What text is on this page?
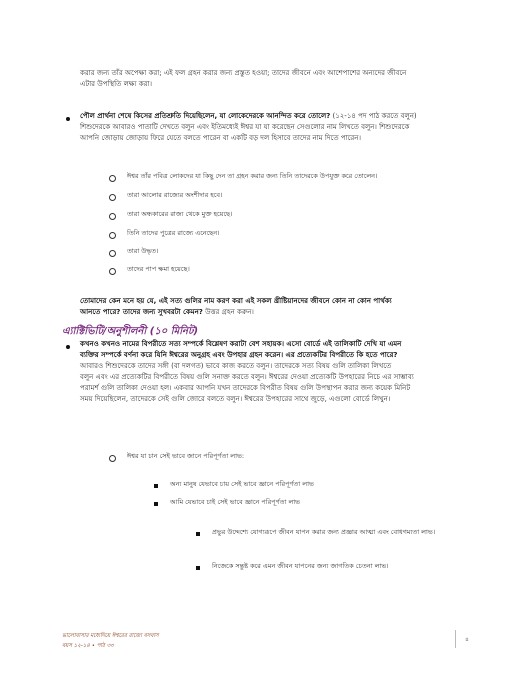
করার জন্য তাঁর অপেক্ষা করা; এই ফল গ্রহন করার জন্য প্রস্তুত হওয়া; তাদের জীবনে এবং আশেপাশের অন্যদের জীবনে
এটার উপস্থিতি লক্ষ্য করা।
পৌল প্রার্থনা শেষে কিসের প্রতিশ্রুতি দিয়েছিলেন, যা লোকেদেরকে আনন্দিত করে তোলে? (১২-১৪ পদ পাঠ করতে বলুন)
শিশুদেরকে আবারও পাতাটি দেখতে বলুন এবং ইতিমধ্যেই ঈশ্বর যা যা করেছেন সেগুলোর নাম লিখতে বলুন। শিশুদেরকে
আপনি জোড়ায় জোড়ায় ফিরে যেতে বলতে পারেন বা একটি বড় দল হিসাবে তাদের নাম দিতে পারেন।
ঈশ্বর তাঁর পবিত্র লোকদের যা কিছু দেন তা গ্রহন করার জন্য তিনি তাদেরকে উপযুক্ত করে তোলেন।
তারা আলোর রাজ্যের অংশীদার হবে।
তারা অন্ধকারের রাজ্য থেকে মুক্ত হয়েছে।
তিনি তাদের পুত্রের রাজ্যে এনেছেন।
তারা উদ্ধৃত।
তাদের পাপ ক্ষমা হয়েছে।
তোমাদের কেন মনে হয় যে, এই সত্য গুলির নাম করণ করা এই সকল খ্রীষ্টিয়ানদের জীবনে কোন না কোন পার্থক্য
আনতে পারে? তাদের জন্য সুখবরটা কেমন? উত্তর গ্রহন করুন।
এ্যাক্টিভিটি/অনুশীলনী (১০ মিনিট)
কখনও কখনও নামের বিপরীতে সত্য সম্পর্কে বিশ্লেষণ করাটা বেশ সহায়ক। এসো বোর্ডে এই তালিকাটি দেখি যা এমন
ব্যক্তির সম্পর্কে বর্ণনা করে যিনি ঈশ্বরের অনুগ্রহ এবং উপহার গ্রহন করেন। এর প্রত্যেকটির বিপরীতে কি হতে পারে?
আবারও শিশুদেরকে তাদের সঙ্গী (বা দলগত) ভাবে কাজ করতে বলুন। তাদেরকে সত্য বিষয় গুলি তালিকা লিখতে
বলুন এবং এর প্রত্যেকটির বিপরীতে বিষয় গুলি সনাক্ত করতে বলুন। ঈশ্বরের দেওয়া প্রত্যেকটি উপহারের নিচে এর সাম্ভাব্য
পরামর্শ গুলি তালিকা দেওয়া হল। একবার আপনি যখন তাদেরকে বিপরীত বিষয় গুলি উপস্থাপন করার জন্য কয়েক মিনিট
সময় দিয়েছিলেন, তাদেরকে সেই গুলি জোরে বলতে বলুন। ঈশ্বরের উপহারের সাথে জুড়ে, এগুলো বোর্ডে লিখুন।
ঈশ্বর যা চান সেই ভাবে জানে পরিপূর্ণতা লাভ:
অন্য মানুষ যেভাবে চায় সেই ভাবে জ্ঞানে পরিপূর্ণতা লাভ
আমি যেভাবে চাই সেই ভাবে জ্ঞানে পরিপূর্ণতা লাভ
প্রভুর উদ্দেশ্যে যোগ্যরূপে জীবন যাপন করার জন্য প্রজ্ঞার আত্মা এবং বোধগম্যতা লাভ।
নিজেকে সন্তুষ্ট করে এমন জীবন যাপনের জন্য জাগতিক চেতনা লাভ।
ভালোবাসার মধ্যেদিয়ে ঈশ্বরের রাজ্যে বসবাস
বয়স ১২-১৪ • পাঠ ৩৩
৪
